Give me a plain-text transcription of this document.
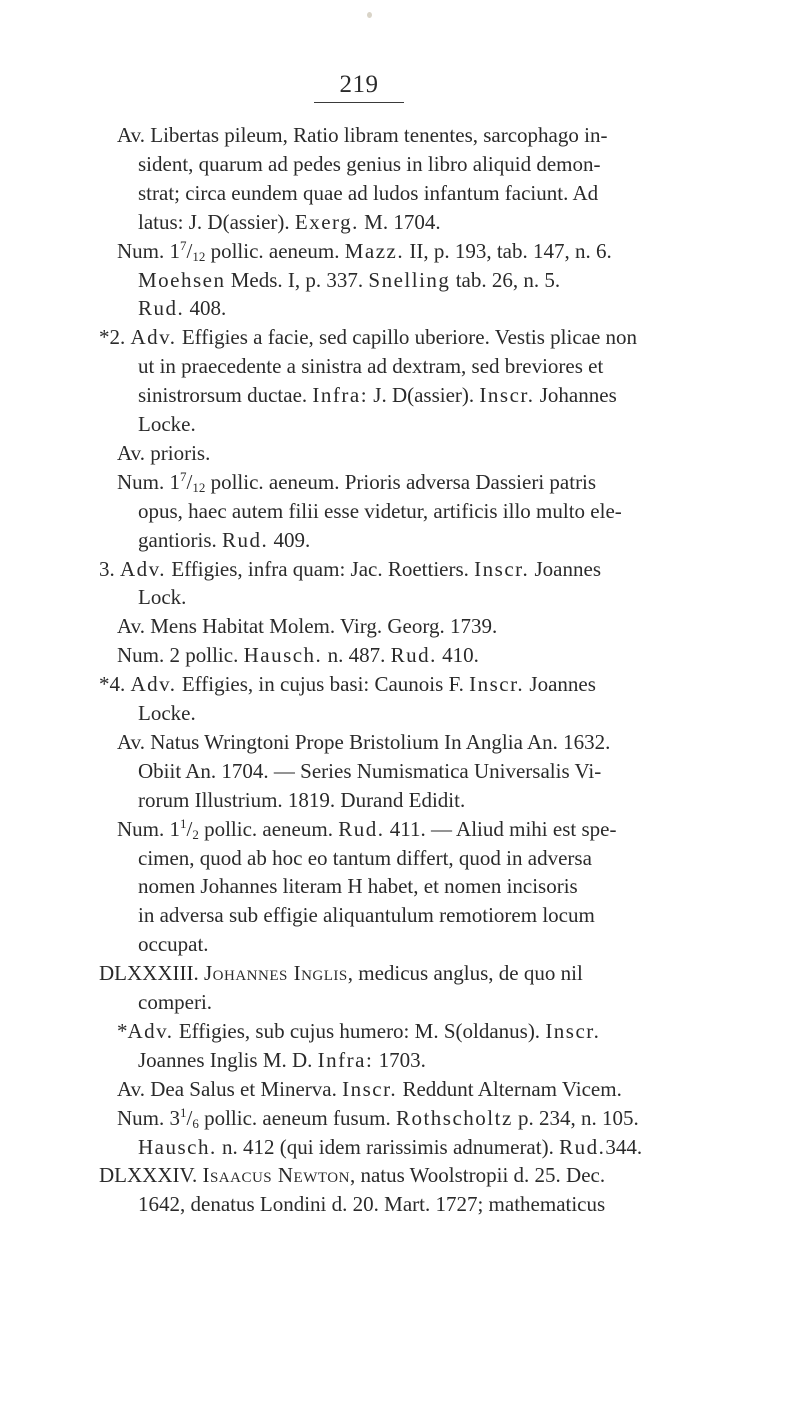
219
Av. Libertas pileum, Ratio libram tenentes, sarcophago in-
sident, quarum ad pedes genius in libro aliquid demon-
strat; circa eundem quae ad ludos infantum faciunt. Ad
latus: J. D(assier). Exerg. M. 1704.
Num. $1^7/_{12}$ pollic. aeneum. Mazz. II, p. 193, tab. 147, n. 6.
Moehsen Meds. I, p. 337. Snelling tab. 26, n. 5.
Rud. 408.
*2. Adv. Effigies a facie, sed capillo uberiore. Vestis plicae non
ut in praecedente a sinistra ad dextram, sed breviores et
sinistrorsum ductae. Infra: J. D(assier). Inscr. Johannes
Locke.
Av. prioris.
Num. $1^7/_{12}$ pollic. aeneum. Prioris adversa Dassieri patris
opus, haec autem filii esse videtur, artificis illo multo ele-
gantioris. Rud. 409.
3. Adv. Effigies, infra quam: Jac. Roettiers. Inscr. Joannes
Lock.
Av. Mens Habitat Molem. Virg. Georg. 1739.
Num. 2 pollic. Hausch. n. 487. Rud. 410.
*4. Adv. Effigies, in cujus basi: Caunois F. Inscr. Joannes
Locke.
Av. Natus Wringtoni Prope Bristolium In Anglia An. 1632.
Obiit An. 1704. — Series Numismatica Universalis Vi-
rorum Illustrium. 1819. Durand Edidit.
Num. $1^1/_2$ pollic. aeneum. Rud. 411. — Aliud mihi est spe-
cimen, quod ab hoc eo tantum differt, quod in adversa
nomen Johannes literam H habet, et nomen incisoris
in adversa sub effigie aliquantulum remotiorem locum
occupat.
DLXXXIII. Johannes Inglis, medicus anglus, de quo nil
comperi.
*Adv. Effigies, sub cujus humero: M. S(oldanus). Inscr.
Joannes Inglis M. D. Infra: 1703.
Av. Dea Salus et Minerva. Inscr. Reddunt Alternam Vicem.
Num. $3^1/_6$ pollic. aeneum fusum. Rothscholtz p. 234, n. 105.
Hausch. n. 412 (qui idem rarissimis adnumerat). Rud.344.
DLXXXIV. Isaacus Newton, natus Woolstropii d. 25. Dec.
1642, denatus Londini d. 20. Mart. 1727; mathematicus
